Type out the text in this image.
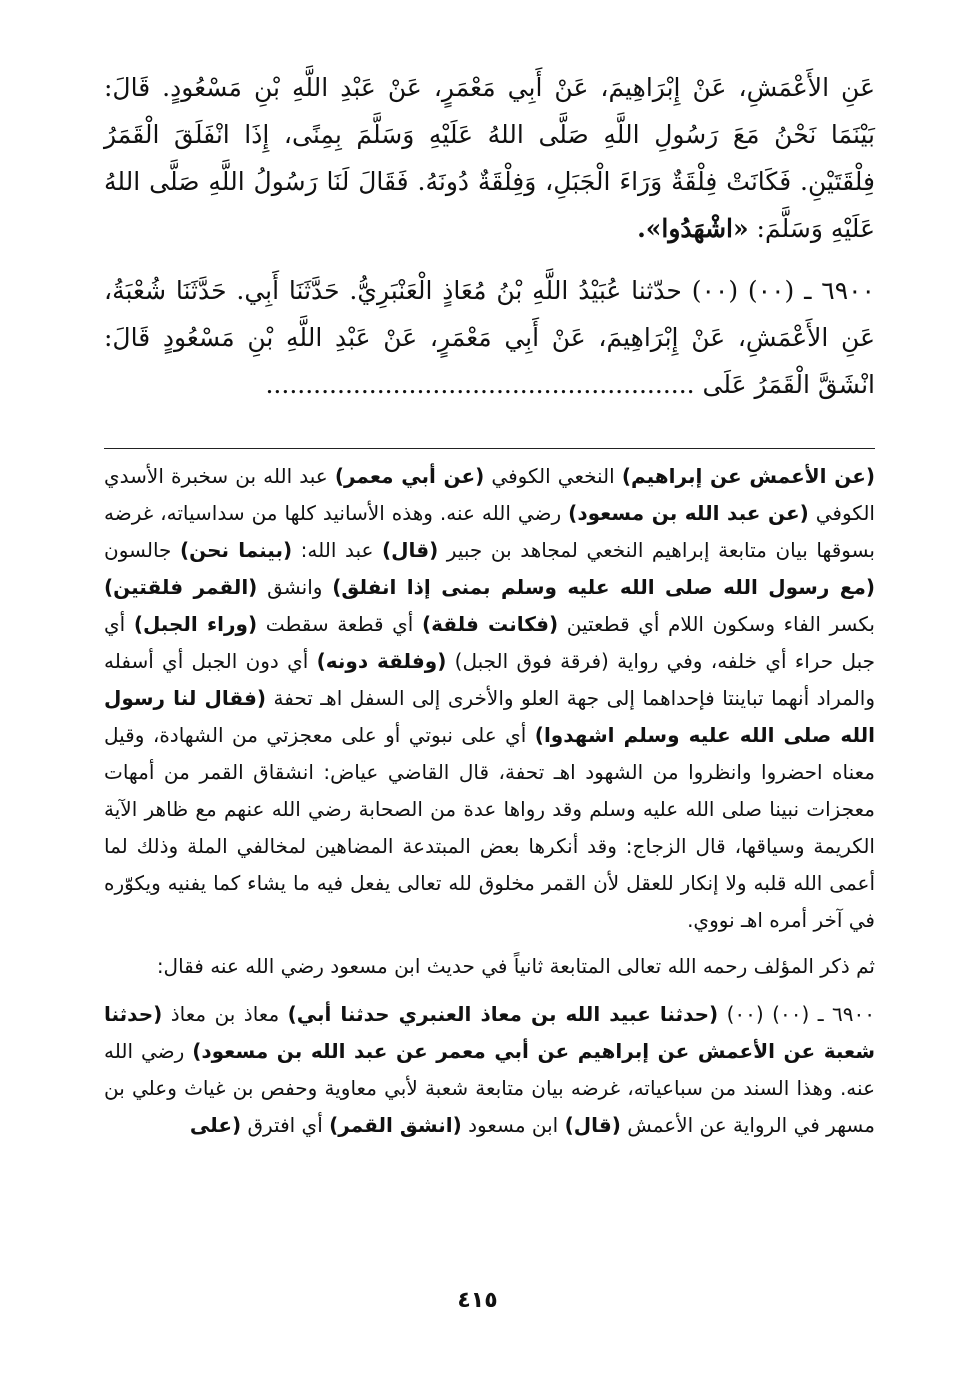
عَنِ الأَعْمَشِ، عَنْ إِبْرَاهِيمَ، عَنْ أَبِي مَعْمَرٍ، عَنْ عَبْدِ اللَّهِ بْنِ مَسْعُودٍ. قَالَ: بَيْنَمَا نَحْنُ مَعَ رَسُولِ اللَّهِ صَلَّى اللهُ عَلَيْهِ وَسَلَّمَ بِمِنًى، إِذَا انْفَلَقَ الْقَمَرُ فِلْقَتَيْنِ. فَكَانَتْ فِلْقَةٌ وَرَاءَ الْجَبَلِ، وَفِلْقَةٌ دُونَهُ. فَقَالَ لَنَا رَسُولُ اللَّهِ صَلَّى اللهُ عَلَيْهِ وَسَلَّمَ: «اشْهَدُوا».

٦٩٠٠ ـ (٠٠) (٠٠) حدّثنا عُبَيْدُ اللَّهِ بْنُ مُعَاذٍ الْعَنْبَرِيُّ. حَدَّثَنَا أَبِي. حَدَّثَنَا شُعْبَةُ، عَنِ الأَعْمَشِ، عَنْ إِبْرَاهِيمَ، عَنْ أَبِي مَعْمَرٍ، عَنْ عَبْدِ اللَّهِ بْنِ مَسْعُودٍ قَالَ: انْشَقَّ الْقَمَرُ عَلَى ......................................................

(عن الأعمش عن إبراهيم) النخعي الكوفي (عن أبي معمر) عبد الله بن سخبرة الأسدي الكوفي (عن عبد الله بن مسعود) رضي الله عنه. وهذه الأسانيد كلها من سداسياته، غرضه بسوقها بيان متابعة إبراهيم النخعي لمجاهد بن جبير (قال) عبد الله: (بينما نحن) جالسون (مع رسول الله صلى الله عليه وسلم بمنى إذا انفلق) وانشق (القمر فلقتين) بكسر الفاء وسكون اللام أي قطعتين (فكانت فلقة) أي قطعة سقطت (وراء الجبل) أي جبل حراء أي خلفه، وفي رواية (فرقة فوق الجبل) (وفلقة دونه) أي دون الجبل أي أسفله والمراد أنهما تباينتا فإحداهما إلى جهة العلو والأخرى إلى السفل اهـ تحفة (فقال لنا رسول الله صلى الله عليه وسلم اشهدوا) أي على نبوتي أو على معجزتي من الشهادة، وقيل معناه احضروا وانظروا من الشهود اهـ تحفة، قال القاضي عياض: انشقاق القمر من أمهات معجزات نبينا صلى الله عليه وسلم وقد رواها عدة من الصحابة رضي الله عنهم مع ظاهر الآية الكريمة وسياقها، قال الزجاج: وقد أنكرها بعض المبتدعة المضاهين لمخالفي الملة وذلك لما أعمى الله قلبه ولا إنكار للعقل لأن القمر مخلوق لله تعالى يفعل فيه ما يشاء كما يفنيه ويكوّره في آخر أمره اهـ نووي.

ثم ذكر المؤلف رحمه الله تعالى المتابعة ثانياً في حديث ابن مسعود رضي الله عنه فقال:

٦٩٠٠ ـ (٠٠) (٠٠) (حدثنا عبيد الله بن معاذ العنبري حدثنا أبي) معاذ بن معاذ (حدثنا شعبة عن الأعمش عن إبراهيم عن أبي معمر عن عبد الله بن مسعود) رضي الله عنه. وهذا السند من سباعياته، غرضه بيان متابعة شعبة لأبي معاوية وحفص بن غياث وعلي بن مسهر في الرواية عن الأعمش (قال) ابن مسعود (انشق القمر) أي افترق (على

٤١٥
